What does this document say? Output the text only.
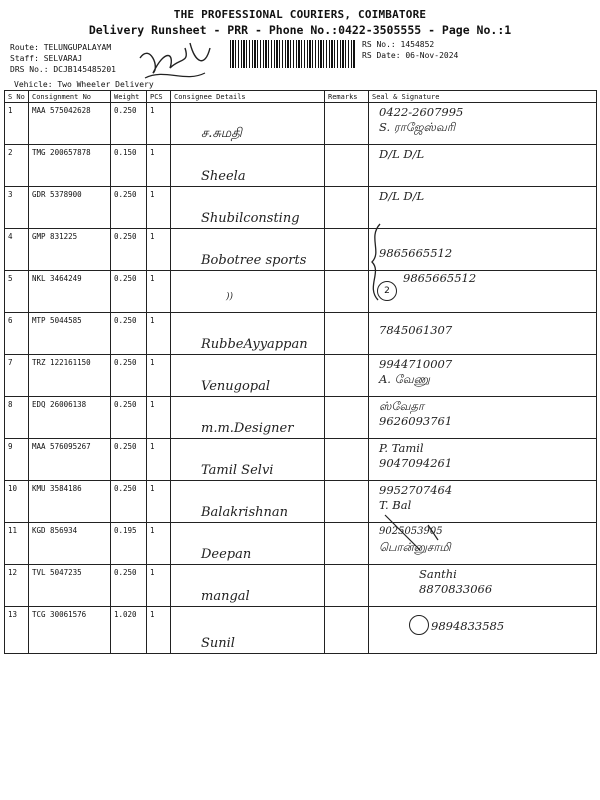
THE PROFESSIONAL COURIERS, COIMBATORE
Delivery Runsheet - PRR - Phone No.:0422-3505555 - Page No.:1
Route: TELUNGUPALAYAM
Staff: SELVARAJ
DRS No.: DCJB145485201
Vehicle: Two Wheeler Delivery
RS No.: 1454852
RS Date: 06-Nov-2024
S No	Consignment No	Weight	PCS	Consignee Details	Remarks	Seal & Signature
1	MAA 575042628	0.250	1	ச.சுமதி		0422-2607995
S. ராஜேஸ்வரி

2	TMG 200657878	0.150	1	Sheela		D/L D/L

3	GDR 5378900	0.250	1	Shubilconsting		D/L D/L

4	GMP 831225	0.250	1	Bobotree sports		9865665512

5	NKL 3464249	0.250	1	))		2
9865665512

6	MTP 5044585	0.250	1	RubbeAyyappan		7845061307

7	TRZ 122161150	0.250	1	Venugopal		9944710007
A. வேணு

8	EDQ 26006138	0.250	1	m.m.Designer		ஸ்வேதா
9626093761

9	MAA 576095267	0.250	1	Tamil Selvi		P. Tamil
9047094261

10	KMU 3584186	0.250	1	Balakrishnan		9952707464
T. Bal

11	KGD 856934	0.195	1	Deepan		9025053905
பொன்னுசாமி

12	TVL 5047235	0.250	1	mangal		Santhi
8870833066

13	TCG 30061576	1.020	1	Sunil		9894833585
